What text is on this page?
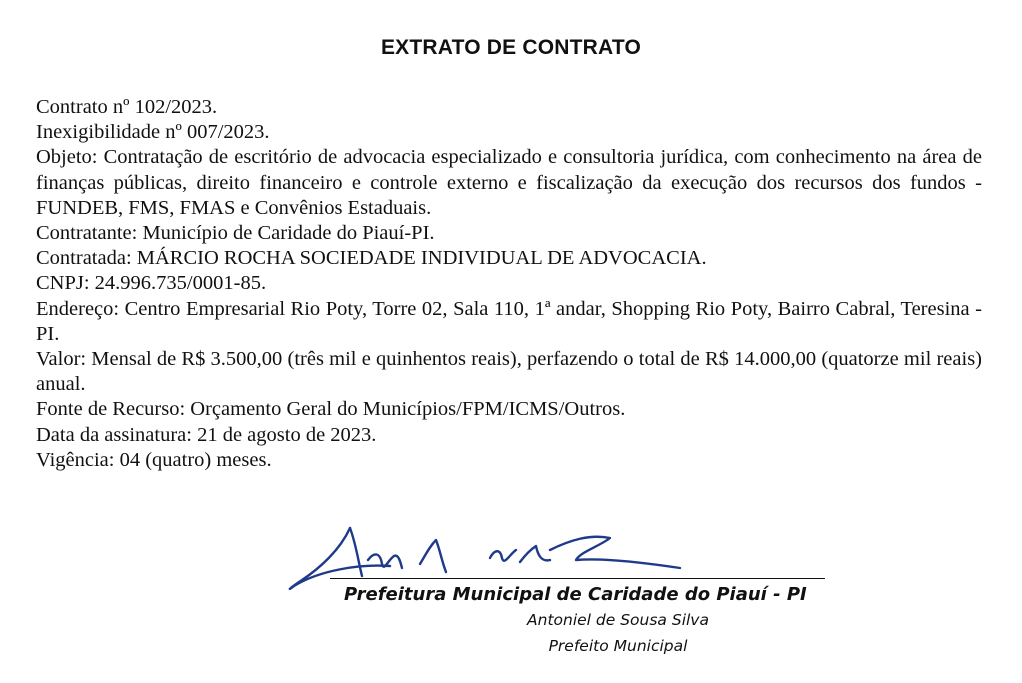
EXTRATO DE CONTRATO

Contrato nº 102/2023.

Inexigibilidade nº 007/2023.

Objeto: Contratação de escritório de advocacia especializado e consultoria jurídica, com conhecimento na área de finanças públicas, direito financeiro e controle externo e fiscalização da execução dos recursos dos fundos - FUNDEB, FMS, FMAS e Convênios Estaduais.

Contratante: Município de Caridade do Piauí-PI.

Contratada: MÁRCIO ROCHA SOCIEDADE INDIVIDUAL DE ADVOCACIA.

CNPJ: 24.996.735/0001-85.

Endereço: Centro Empresarial Rio Poty, Torre 02, Sala 110, 1ª andar, Shopping Rio Poty, Bairro Cabral, Teresina - PI.

Valor: Mensal de R$ 3.500,00 (três mil e quinhentos reais), perfazendo o total de R$ 14.000,00 (quatorze mil reais) anual.

Fonte de Recurso: Orçamento Geral do Municípios/FPM/ICMS/Outros.

Data da assinatura: 21 de agosto de 2023.

Vigência: 04 (quatro) meses.

Prefeitura Municipal de Caridade do Piauí - PI
Antoniel de Sousa Silva
Prefeito Municipal
